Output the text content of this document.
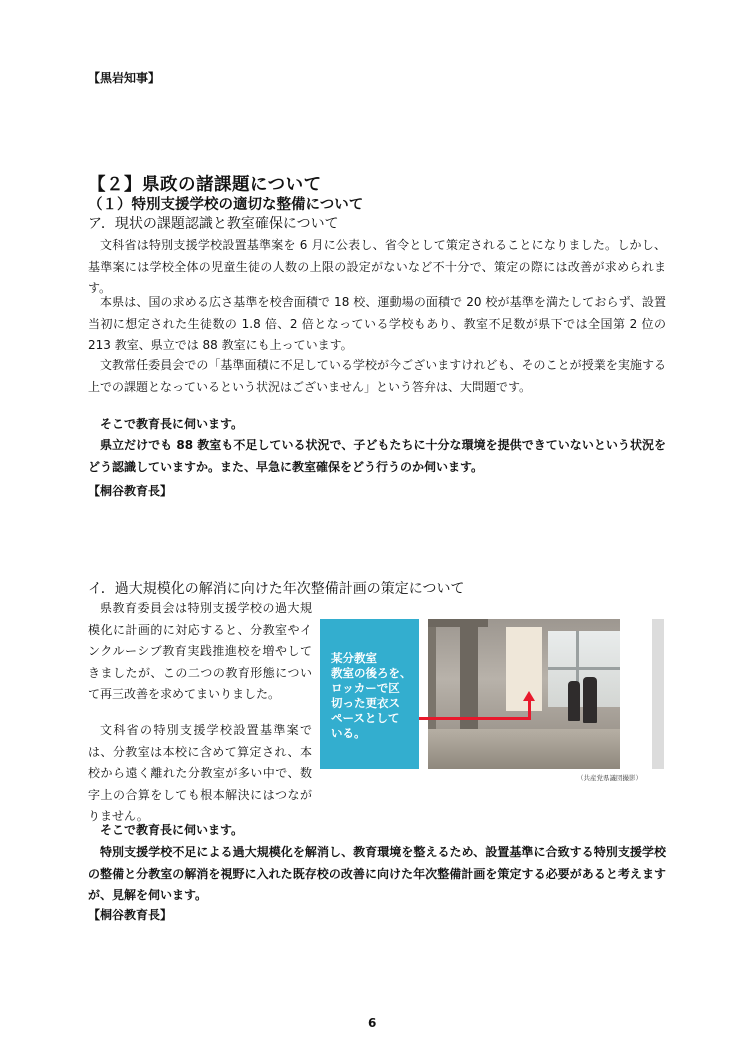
【黒岩知事】
【２】県政の諸課題について
（１）特別支援学校の適切な整備について
ア．現状の課題認識と教室確保について
文科省は特別支援学校設置基準案を 6 月に公表し、省令として策定されることになりました。しかし、基準案には学校全体の児童生徒の人数の上限の設定がないなど不十分で、策定の際には改善が求められます。
本県は、国の求める広さ基準を校舎面積で 18 校、運動場の面積で 20 校が基準を満たしておらず、設置当初に想定された生徒数の 1.8 倍、2 倍となっている学校もあり、教室不足数が県下では全国第 2 位の 213 教室、県立では 88 教室にも上っています。
文教常任委員会での「基準面積に不足している学校が今ございますけれども、そのことが授業を実施する上での課題となっているという状況はございません」という答弁は、大問題です。
そこで教育長に伺います。
県立だけでも 88 教室も不足している状況で、子どもたちに十分な環境を提供できていないという状況をどう認識していますか。また、早急に教室確保をどう行うのか伺います。
【桐谷教育長】
イ．過大規模化の解消に向けた年次整備計画の策定について
県教育委員会は特別支援学校の過大規模化に計画的に対応すると、分教室やインクルーシブ教育実践推進校を増やしてきましたが、この二つの教育形態について再三改善を求めてまいりました。
文科省の特別支援学校設置基準案では、分教室は本校に含めて算定され、本校から遠く離れた分教室が多い中で、数字上の合算をしても根本解決にはつながりません。
某分教室
教室の後ろを、
ロッカーで区
切った更衣ス
ペースとして
いる。
（共産党県議団撮影）
そこで教育長に伺います。
特別支援学校不足による過大規模化を解消し、教育環境を整えるため、設置基準に合致する特別支援学校の整備と分教室の解消を視野に入れた既存校の改善に向けた年次整備計画を策定する必要があると考えますが、見解を伺います。
【桐谷教育長】
6
